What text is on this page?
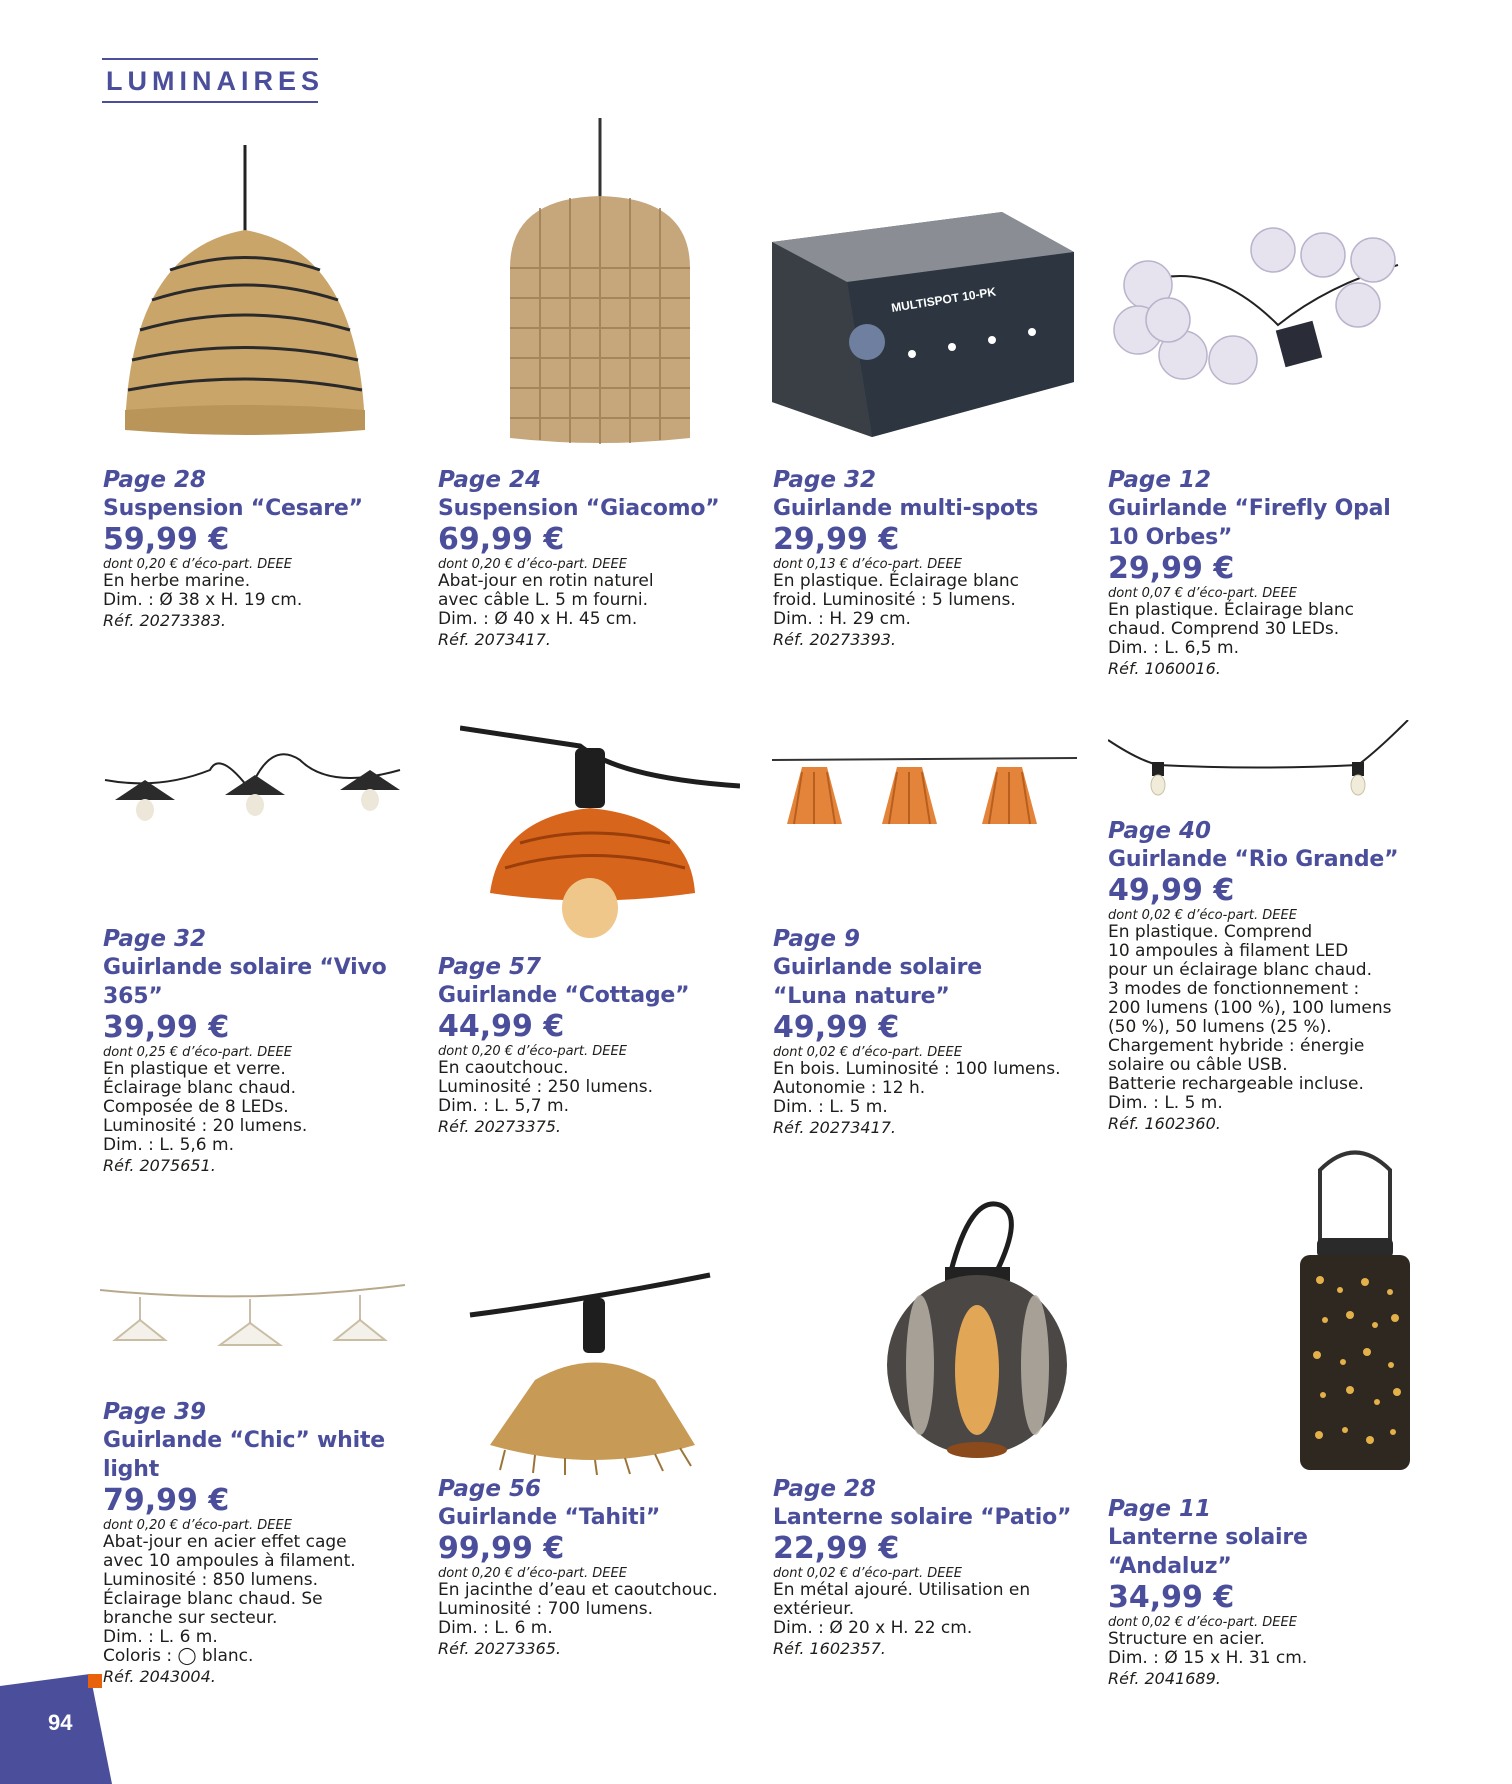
LUMINAIRES
Page 28
Suspension “Cesare”
59,99 €
dont 0,20 € d’éco-part. DEEE
En herbe marine.
Dim. : Ø 38 x H. 19 cm.
Réf. 20273383.
Page 24
Suspension “Giacomo”
69,99 €
dont 0,20 € d’éco-part. DEEE
Abat-jour en rotin naturel
avec câble L. 5 m fourni.
Dim. : Ø 40 x H. 45 cm.
Réf. 2073417.
MULTISPOT 10-PK
Page 32
Guirlande multi-spots
29,99 €
dont 0,13 € d’éco-part. DEEE
En plastique. Éclairage blanc
froid. Luminosité : 5 lumens.
Dim. : H. 29 cm.
Réf. 20273393.
Page 12
Guirlande “Firefly Opal
10 Orbes”
29,99 €
dont 0,07 € d’éco-part. DEEE
En plastique. Éclairage blanc
chaud. Comprend 30 LEDs.
Dim. : L. 6,5 m.
Réf. 1060016.
Page 32
Guirlande solaire “Vivo 365”
39,99 €
dont 0,25 € d’éco-part. DEEE
En plastique et verre.
Éclairage blanc chaud.
Composée de 8 LEDs.
Luminosité : 20 lumens.
Dim. : L. 5,6 m.
Réf. 2075651.
Page 57
Guirlande “Cottage”
44,99 €
dont 0,20 € d’éco-part. DEEE
En caoutchouc.
Luminosité : 250 lumens.
Dim. : L. 5,7 m.
Réf. 20273375.
Page 9
Guirlande solaire
“Luna nature”
49,99 €
dont 0,02 € d’éco-part. DEEE
En bois. Luminosité : 100 lumens.
Autonomie : 12 h.
Dim. : L. 5 m.
Réf. 20273417.
Page 40
Guirlande “Rio Grande”
49,99 €
dont 0,02 € d’éco-part. DEEE
En plastique. Comprend
10 ampoules à filament LED
pour un éclairage blanc chaud.
3 modes de fonctionnement :
200 lumens (100 %), 100 lumens
(50 %), 50 lumens (25 %).
Chargement hybride : énergie
solaire ou câble USB.
Batterie rechargeable incluse.
Dim. : L. 5 m.
Réf. 1602360.
Page 39
Guirlande “Chic” white light
79,99 €
dont 0,20 € d’éco-part. DEEE
Abat-jour en acier effet cage
avec 10 ampoules à filament.
Luminosité : 850 lumens.
Éclairage blanc chaud. Se
branche sur secteur.
Dim. : L. 6 m.
Coloris : ◯ blanc.
Réf. 2043004.
Page 56
Guirlande “Tahiti”
99,99 €
dont 0,20 € d’éco-part. DEEE
En jacinthe d’eau et caoutchouc.
Luminosité : 700 lumens.
Dim. : L. 6 m.
Réf. 20273365.
Page 28
Lanterne solaire “Patio”
22,99 €
dont 0,02 € d’éco-part. DEEE
En métal ajouré. Utilisation en
extérieur.
Dim. : Ø 20 x H. 22 cm.
Réf. 1602357.
Page 11
Lanterne solaire “Andaluz”
34,99 €
dont 0,02 € d’éco-part. DEEE
Structure en acier.
Dim. : Ø 15 x H. 31 cm.
Réf. 2041689.
94
